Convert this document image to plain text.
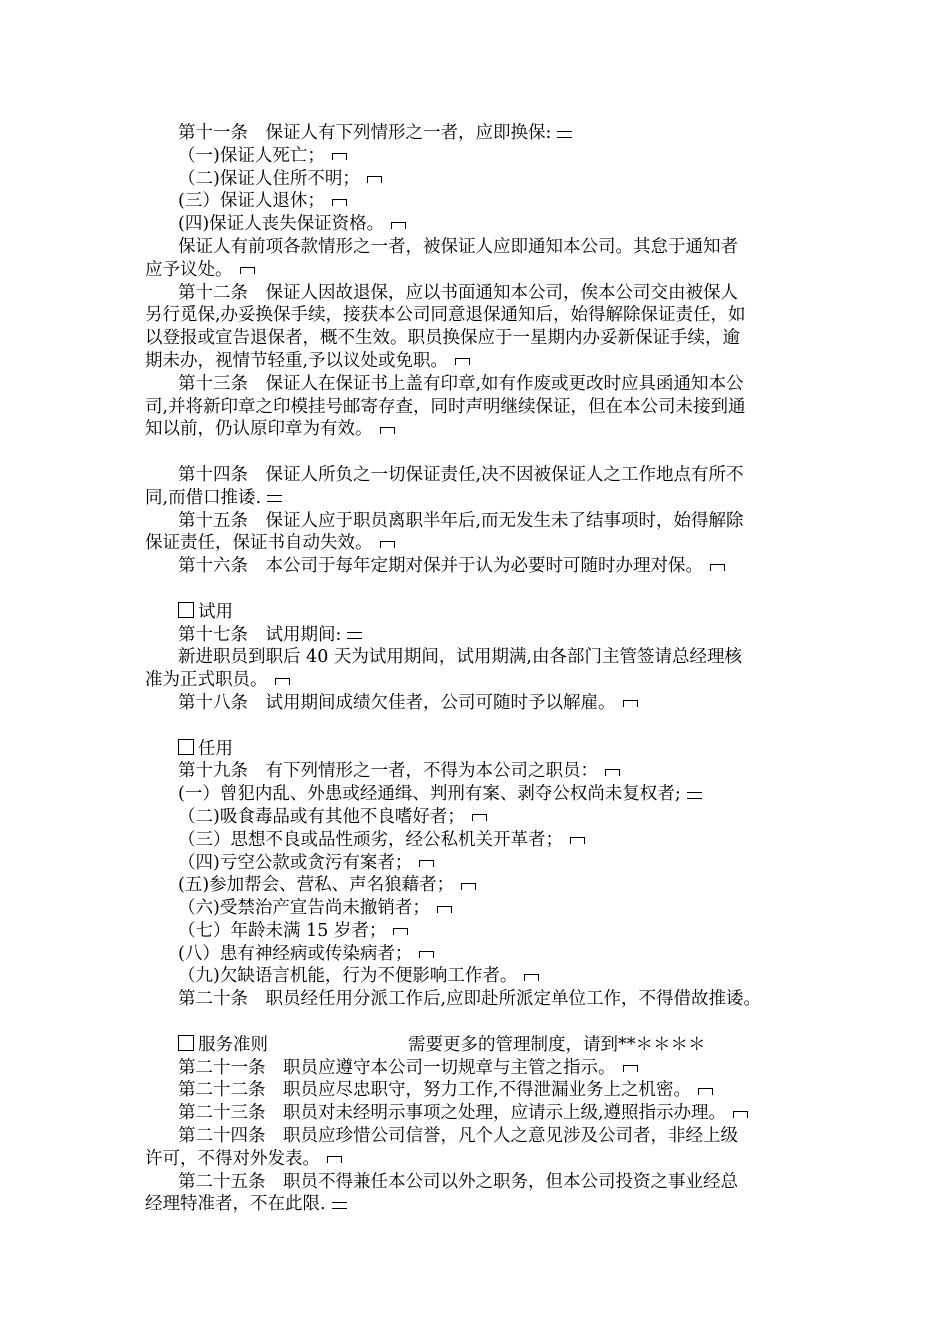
第十一条　保证人有下列情形之一者，应即换保:
（一)保证人死亡；
（二)保证人住所不明；
(三）保证人退休；
(四)保证人丧失保证资格。
保证人有前项各款情形之一者，被保证人应即通知本公司。其怠于通知者
应予议处。
第十二条　保证人因故退保，应以书面通知本公司，俟本公司交由被保人
另行觅保,办妥换保手续，接获本公司同意退保通知后，始得解除保证责任，如
以登报或宣告退保者，概不生效。职员换保应于一星期内办妥新保证手续，逾
期未办，视情节轻重,予以议处或免职。
第十三条　保证人在保证书上盖有印章,如有作废或更改时应具函通知本公
司,并将新印章之印模挂号邮寄存查，同时声明继续保证，但在本公司未接到通
知以前，仍认原印章为有效。
第十四条　保证人所负之一切保证责任,决不因被保证人之工作地点有所不
同,而借口推诿.
第十五条　保证人应于职员离职半年后,而无发生未了结事项时，始得解除
保证责任，保证书自动失效。
第十六条　本公司于每年定期对保并于认为必要时可随时办理对保。
试用
第十七条　试用期间:
新进职员到职后 40 天为试用期间，试用期满,由各部门主管签请总经理核
准为正式职员。
第十八条　试用期间成绩欠佳者，公司可随时予以解雇。
任用
第十九条　有下列情形之一者，不得为本公司之职员：
(一）曾犯内乱、外患或经通缉、判刑有案、剥夺公权尚未复权者;
（二)吸食毒品或有其他不良嗜好者；
（三）思想不良或品性顽劣，经公私机关开革者；
（四)亏空公款或贪污有案者；
(五)参加帮会、营私、声名狼藉者；
（六)受禁治产宣告尚未撤销者；
（七）年龄未满 15 岁者；
(八）患有神经病或传染病者；
（九)欠缺语言机能，行为不便影响工作者。
第二十条　职员经任用分派工作后,应即赴所派定单位工作，不得借故推诿。
服务准则	需要更多的管理制度，请到**＊＊＊＊
第二十一条　职员应遵守本公司一切规章与主管之指示。
第二十二条　职员应尽忠职守，努力工作,不得泄漏业务上之机密。
第二十三条　职员对未经明示事项之处理，应请示上级,遵照指示办理。
第二十四条　职员应珍惜公司信誉，凡个人之意见涉及公司者，非经上级
许可，不得对外发表。
第二十五条　职员不得兼任本公司以外之职务，但本公司投资之事业经总
经理特准者，不在此限.
